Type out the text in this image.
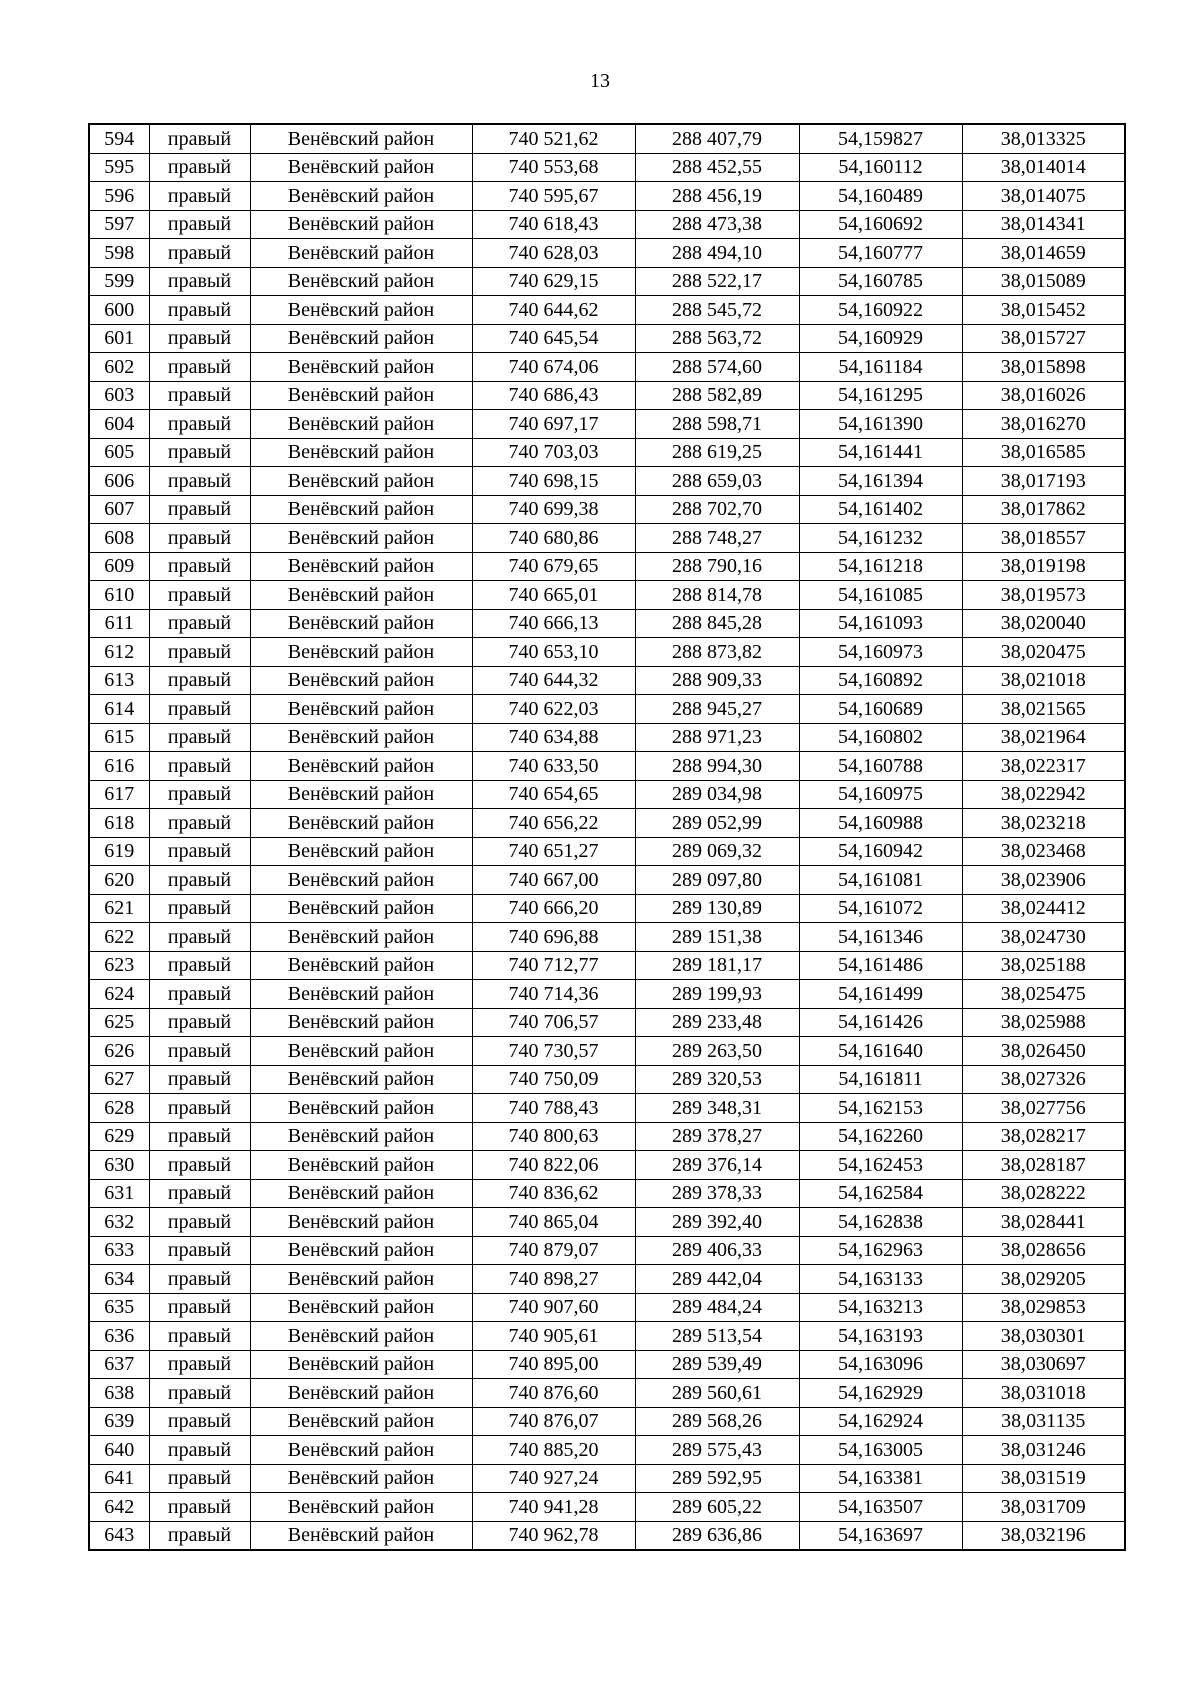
13
594	правый	Венёвский район	740 521,62	288 407,79	54,159827	38,013325
595	правый	Венёвский район	740 553,68	288 452,55	54,160112	38,014014
596	правый	Венёвский район	740 595,67	288 456,19	54,160489	38,014075
597	правый	Венёвский район	740 618,43	288 473,38	54,160692	38,014341
598	правый	Венёвский район	740 628,03	288 494,10	54,160777	38,014659
599	правый	Венёвский район	740 629,15	288 522,17	54,160785	38,015089
600	правый	Венёвский район	740 644,62	288 545,72	54,160922	38,015452
601	правый	Венёвский район	740 645,54	288 563,72	54,160929	38,015727
602	правый	Венёвский район	740 674,06	288 574,60	54,161184	38,015898
603	правый	Венёвский район	740 686,43	288 582,89	54,161295	38,016026
604	правый	Венёвский район	740 697,17	288 598,71	54,161390	38,016270
605	правый	Венёвский район	740 703,03	288 619,25	54,161441	38,016585
606	правый	Венёвский район	740 698,15	288 659,03	54,161394	38,017193
607	правый	Венёвский район	740 699,38	288 702,70	54,161402	38,017862
608	правый	Венёвский район	740 680,86	288 748,27	54,161232	38,018557
609	правый	Венёвский район	740 679,65	288 790,16	54,161218	38,019198
610	правый	Венёвский район	740 665,01	288 814,78	54,161085	38,019573
611	правый	Венёвский район	740 666,13	288 845,28	54,161093	38,020040
612	правый	Венёвский район	740 653,10	288 873,82	54,160973	38,020475
613	правый	Венёвский район	740 644,32	288 909,33	54,160892	38,021018
614	правый	Венёвский район	740 622,03	288 945,27	54,160689	38,021565
615	правый	Венёвский район	740 634,88	288 971,23	54,160802	38,021964
616	правый	Венёвский район	740 633,50	288 994,30	54,160788	38,022317
617	правый	Венёвский район	740 654,65	289 034,98	54,160975	38,022942
618	правый	Венёвский район	740 656,22	289 052,99	54,160988	38,023218
619	правый	Венёвский район	740 651,27	289 069,32	54,160942	38,023468
620	правый	Венёвский район	740 667,00	289 097,80	54,161081	38,023906
621	правый	Венёвский район	740 666,20	289 130,89	54,161072	38,024412
622	правый	Венёвский район	740 696,88	289 151,38	54,161346	38,024730
623	правый	Венёвский район	740 712,77	289 181,17	54,161486	38,025188
624	правый	Венёвский район	740 714,36	289 199,93	54,161499	38,025475
625	правый	Венёвский район	740 706,57	289 233,48	54,161426	38,025988
626	правый	Венёвский район	740 730,57	289 263,50	54,161640	38,026450
627	правый	Венёвский район	740 750,09	289 320,53	54,161811	38,027326
628	правый	Венёвский район	740 788,43	289 348,31	54,162153	38,027756
629	правый	Венёвский район	740 800,63	289 378,27	54,162260	38,028217
630	правый	Венёвский район	740 822,06	289 376,14	54,162453	38,028187
631	правый	Венёвский район	740 836,62	289 378,33	54,162584	38,028222
632	правый	Венёвский район	740 865,04	289 392,40	54,162838	38,028441
633	правый	Венёвский район	740 879,07	289 406,33	54,162963	38,028656
634	правый	Венёвский район	740 898,27	289 442,04	54,163133	38,029205
635	правый	Венёвский район	740 907,60	289 484,24	54,163213	38,029853
636	правый	Венёвский район	740 905,61	289 513,54	54,163193	38,030301
637	правый	Венёвский район	740 895,00	289 539,49	54,163096	38,030697
638	правый	Венёвский район	740 876,60	289 560,61	54,162929	38,031018
639	правый	Венёвский район	740 876,07	289 568,26	54,162924	38,031135
640	правый	Венёвский район	740 885,20	289 575,43	54,163005	38,031246
641	правый	Венёвский район	740 927,24	289 592,95	54,163381	38,031519
642	правый	Венёвский район	740 941,28	289 605,22	54,163507	38,031709
643	правый	Венёвский район	740 962,78	289 636,86	54,163697	38,032196
